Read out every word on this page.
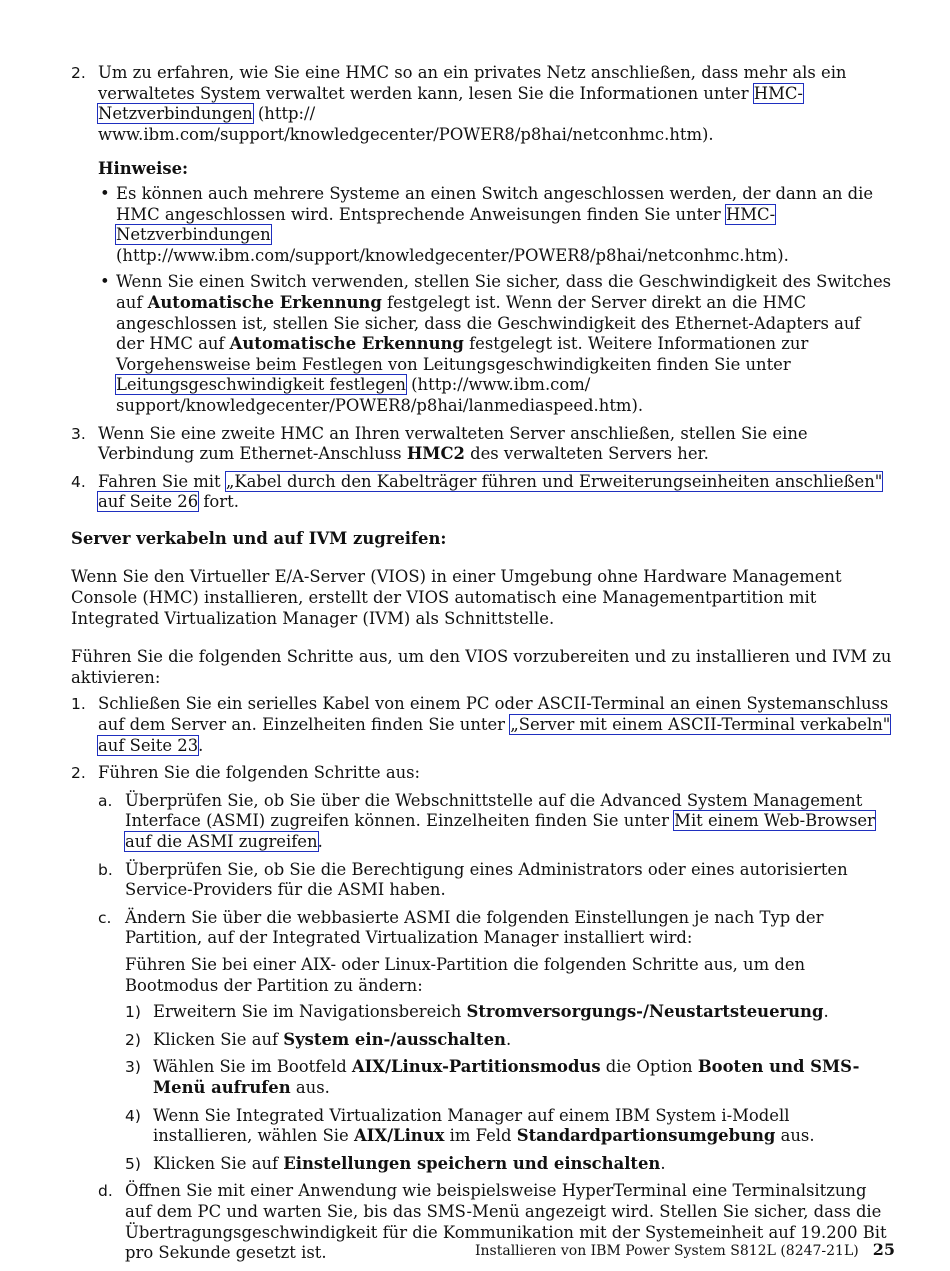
2. Um zu erfahren, wie Sie eine HMC so an ein privates Netz anschließen, dass mehr als ein verwaltetes System verwaltet werden kann, lesen Sie die Informationen unter HMC-Netzverbindungen (http:// www.ibm.com/support/knowledgecenter/POWER8/p8hai/netconhmc.htm).

Hinweise:

• Es können auch mehrere Systeme an einen Switch angeschlossen werden, der dann an die HMC angeschlossen wird. Entsprechende Anweisungen finden Sie unter HMC-Netzverbindungen (http://www.ibm.com/support/knowledgecenter/POWER8/p8hai/netconhmc.htm).
• Wenn Sie einen Switch verwenden, stellen Sie sicher, dass die Geschwindigkeit des Switches auf Automatische Erkennung festgelegt ist. Wenn der Server direkt an die HMC angeschlossen ist, stellen Sie sicher, dass die Geschwindigkeit des Ethernet-Adapters auf der HMC auf Automatische Erkennung festgelegt ist. Weitere Informationen zur Vorgehensweise beim Festlegen von Leitungsgeschwindigkeiten finden Sie unter Leitungsgeschwindigkeit festlegen (http://www.ibm.com/ support/knowledgecenter/POWER8/p8hai/lanmediaspeed.htm).
3. Wenn Sie eine zweite HMC an Ihren verwalteten Server anschließen, stellen Sie eine Verbindung zum Ethernet-Anschluss HMC2 des verwalteten Servers her.
4. Fahren Sie mit „Kabel durch den Kabelträger führen und Erweiterungseinheiten anschließen" auf Seite 26 fort.

Server verkabeln und auf IVM zugreifen:

Wenn Sie den Virtueller E/A-Server (VIOS) in einer Umgebung ohne Hardware Management Console (HMC) installieren, erstellt der VIOS automatisch eine Managementpartition mit Integrated Virtualization Manager (IVM) als Schnittstelle.

Führen Sie die folgenden Schritte aus, um den VIOS vorzubereiten und zu installieren und IVM zu aktivieren:

1. Schließen Sie ein serielles Kabel von einem PC oder ASCII-Terminal an einen Systemanschluss auf dem Server an. Einzelheiten finden Sie unter „Server mit einem ASCII-Terminal verkabeln" auf Seite 23.
2. Führen Sie die folgenden Schritte aus:
a. Überprüfen Sie, ob Sie über die Webschnittstelle auf die Advanced System Management Interface (ASMI) zugreifen können. Einzelheiten finden Sie unter Mit einem Web-Browser auf die ASMI zugreifen.
b. Überprüfen Sie, ob Sie die Berechtigung eines Administrators oder eines autorisierten Service-Providers für die ASMI haben.
c. Ändern Sie über die webbasierte ASMI die folgenden Einstellungen je nach Typ der Partition, auf der Integrated Virtualization Manager installiert wird:

Führen Sie bei einer AIX- oder Linux-Partition die folgenden Schritte aus, um den Bootmodus der Partition zu ändern:

1) Erweitern Sie im Navigationsbereich Stromversorgungs-/Neustartsteuerung.
2) Klicken Sie auf System ein-/ausschalten.
3) Wählen Sie im Bootfeld AIX/Linux-Partitionsmodus die Option Booten und SMS-Menü aufrufen aus.
4) Wenn Sie Integrated Virtualization Manager auf einem IBM System i-Modell installieren, wählen Sie AIX/Linux im Feld Standardpartionsumgebung aus.
5) Klicken Sie auf Einstellungen speichern und einschalten.
d. Öffnen Sie mit einer Anwendung wie beispielsweise HyperTerminal eine Terminalsitzung auf dem PC und warten Sie, bis das SMS-Menü angezeigt wird. Stellen Sie sicher, dass die Übertragungsgeschwindigkeit für die Kommunikation mit der Systemeinheit auf 19.200 Bit pro Sekunde gesetzt ist.	Installieren von IBM Power System S812L (8247-21L) 25
